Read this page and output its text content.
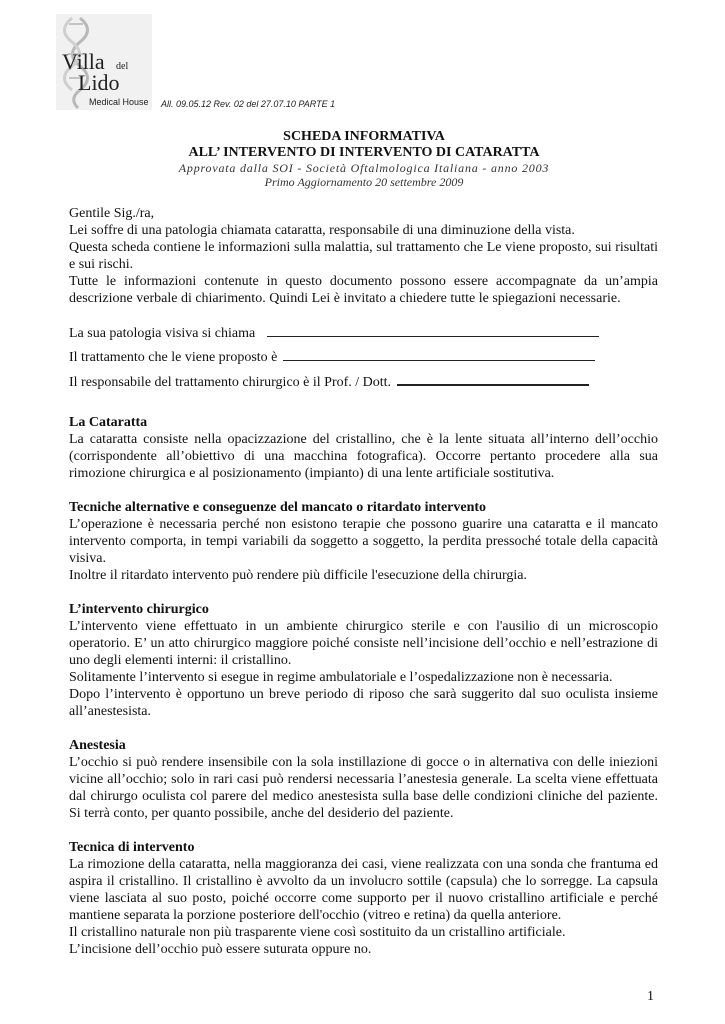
Villa del
Lido
Medical House All. 09.05.12 Rev. 02 del 27.07.10 PARTE 1
SCHEDA INFORMATIVA
ALL’ INTERVENTO DI INTERVENTO DI CATARATTA
Approvata dalla SOI - Società Oftalmologica Italiana - anno 2003
Primo Aggiornamento 20 settembre 2009

Gentile Sig./ra,

Lei soffre di una patologia chiamata cataratta, responsabile di una diminuzione della vista.

Questa scheda contiene le informazioni sulla malattia, sul trattamento che Le viene proposto, sui risultati e sui rischi.

Tutte le informazioni contenute in questo documento possono essere accompagnate da un’ampia descrizione verbale di chiarimento. Quindi Lei è invitato a chiedere tutte le spiegazioni necessarie.

La sua patologia visiva si chiama
Il trattamento che le viene proposto è
Il responsabile del trattamento chirurgico è il Prof. / Dott.

La Cataratta

La cataratta consiste nella opacizzazione del cristallino, che è la lente situata all’interno dell’occhio (corrispondente all’obiettivo di una macchina fotografica). Occorre pertanto procedere alla sua rimozione chirurgica e al posizionamento (impianto) di una lente artificiale sostitutiva.

Tecniche alternative e conseguenze del mancato o ritardato intervento

L’operazione è necessaria perché non esistono terapie che possono guarire una cataratta e il mancato intervento comporta, in tempi variabili da soggetto a soggetto, la perdita pressoché totale della capacità visiva.

Inoltre il ritardato intervento può rendere più difficile l'esecuzione della chirurgia.

L’intervento chirurgico

L’intervento viene effettuato in un ambiente chirurgico sterile e con l'ausilio di un microscopio operatorio. E’ un atto chirurgico maggiore poiché consiste nell’incisione dell’occhio e nell’estrazione di uno degli elementi interni: il cristallino.

Solitamente l’intervento si esegue in regime ambulatoriale e l’ospedalizzazione non è necessaria.

Dopo l’intervento è opportuno un breve periodo di riposo che sarà suggerito dal suo oculista insieme all’anestesista.

Anestesia

L’occhio si può rendere insensibile con la sola instillazione di gocce o in alternativa con delle iniezioni vicine all’occhio; solo in rari casi può rendersi necessaria l’anestesia generale. La scelta viene effettuata dal chirurgo oculista col parere del medico anestesista sulla base delle condizioni cliniche del paziente. Si terrà conto, per quanto possibile, anche del desiderio del paziente.

Tecnica di intervento

La rimozione della cataratta, nella maggioranza dei casi, viene realizzata con una sonda che frantuma ed aspira il cristallino. Il cristallino è avvolto da un involucro sottile (capsula) che lo sorregge. La capsula viene lasciata al suo posto, poiché occorre come supporto per il nuovo cristallino artificiale e perché mantiene separata la porzione posteriore dell'occhio (vitreo e retina) da quella anteriore.

Il cristallino naturale non più trasparente viene così sostituito da un cristallino artificiale.

L’incisione dell’occhio può essere suturata oppure no.

1
